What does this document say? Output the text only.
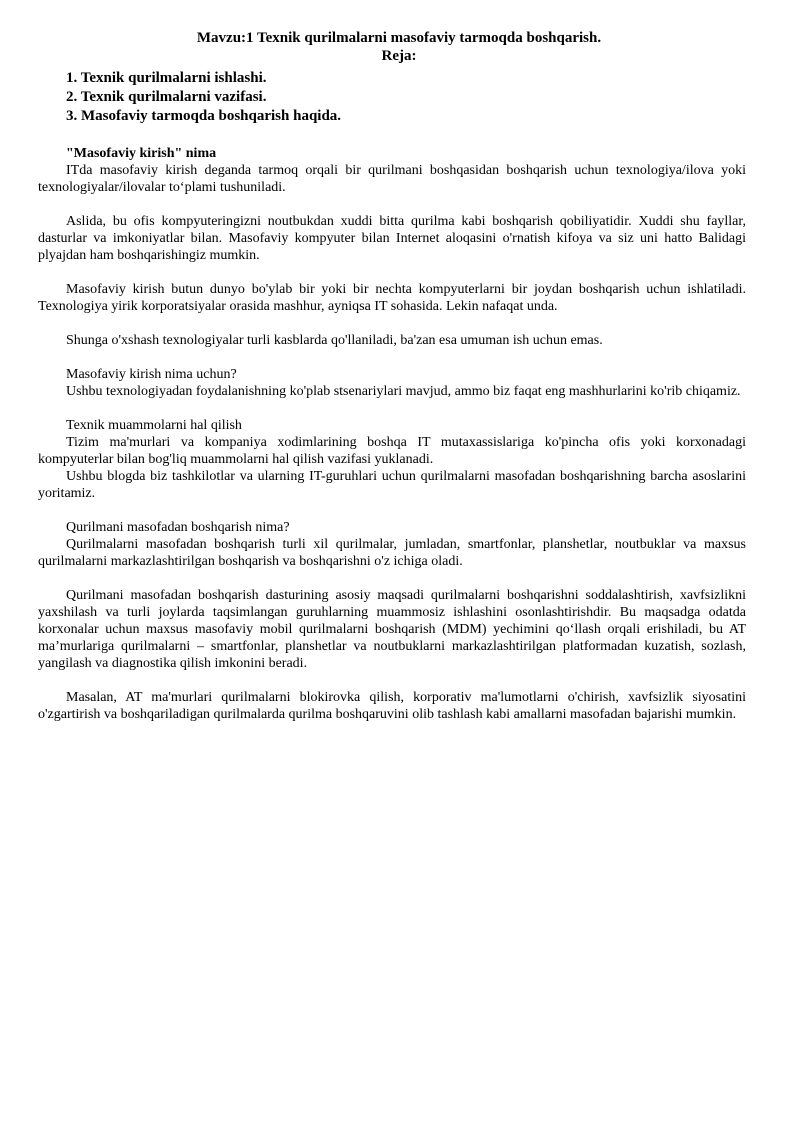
Mavzu:1 Texnik qurilmalarni masofaviy tarmoqda boshqarish.
Reja:
1. Texnik qurilmalarni ishlashi.
2. Texnik qurilmalarni vazifasi.
3. Masofaviy tarmoqda boshqarish haqida.
"Masofaviy kirish" nima

ITda masofaviy kirish deganda tarmoq orqali bir qurilmani boshqasidan boshqarish uchun texnologiya/ilova yoki texnologiyalar/ilovalar to‘plami tushuniladi.

Aslida, bu ofis kompyuteringizni noutbukdan xuddi bitta qurilma kabi boshqarish qobiliyatidir. Xuddi shu fayllar, dasturlar va imkoniyatlar bilan. Masofaviy kompyuter bilan Internet aloqasini o'rnatish kifoya va siz uni hatto Balidagi plyajdan ham boshqarishingiz mumkin.

Masofaviy kirish butun dunyo bo'ylab bir yoki bir nechta kompyuterlarni bir joydan boshqarish uchun ishlatiladi. Texnologiya yirik korporatsiyalar orasida mashhur, ayniqsa IT sohasida. Lekin nafaqat unda.

Shunga o'xshash texnologiyalar turli kasblarda qo'llaniladi, ba'zan esa umuman ish uchun emas.

Masofaviy kirish nima uchun?

Ushbu texnologiyadan foydalanishning ko'plab stsenariylari mavjud, ammo biz faqat eng mashhurlarini ko'rib chiqamiz.

Texnik muammolarni hal qilish

Tizim ma'murlari va kompaniya xodimlarining boshqa IT mutaxassislariga ko'pincha ofis yoki korxonadagi kompyuterlar bilan bog'liq muammolarni hal qilish vazifasi yuklanadi.

Ushbu blogda biz tashkilotlar va ularning IT-guruhlari uchun qurilmalarni masofadan boshqarishning barcha asoslarini yoritamiz.

Qurilmani masofadan boshqarish nima?

Qurilmalarni masofadan boshqarish turli xil qurilmalar, jumladan, smartfonlar, planshetlar, noutbuklar va maxsus qurilmalarni markazlashtirilgan boshqarish va boshqarishni o'z ichiga oladi.

Qurilmani masofadan boshqarish dasturining asosiy maqsadi qurilmalarni boshqarishni soddalashtirish, xavfsizlikni yaxshilash va turli joylarda taqsimlangan guruhlarning muammosiz ishlashini osonlashtirishdir. Bu maqsadga odatda korxonalar uchun maxsus masofaviy mobil qurilmalarni boshqarish (MDM) yechimini qo‘llash orqali erishiladi, bu AT ma’murlariga qurilmalarni – smartfonlar, planshetlar va noutbuklarni markazlashtirilgan platformadan kuzatish, sozlash, yangilash va diagnostika qilish imkonini beradi.

Masalan, AT ma'murlari qurilmalarni blokirovka qilish, korporativ ma'lumotlarni o'chirish, xavfsizlik siyosatini o'zgartirish va boshqariladigan qurilmalarda qurilma boshqaruvini olib tashlash kabi amallarni masofadan bajarishi mumkin.
